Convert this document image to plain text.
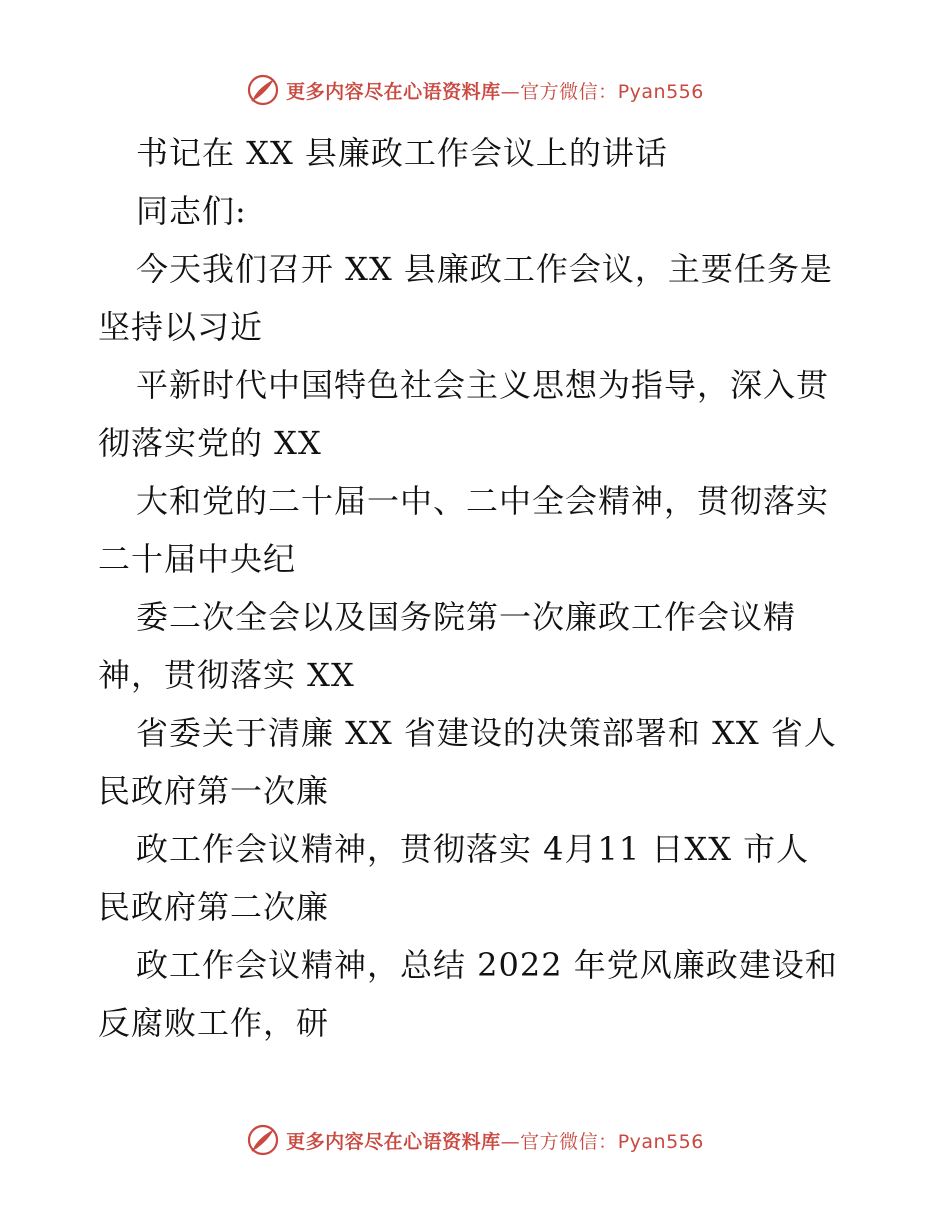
更多内容尽在心语资料库—官方微信：Pyan556
书记在 XX 县廉政工作会议上的讲话
同志们:
今天我们召开 XX 县廉政工作会议，主要任务是
坚持以习近
平新时代中国特色社会主义思想为指导，深入贯
彻落实党的 XX
大和党的二十届一中、二中全会精神，贯彻落实
二十届中央纪
委二次全会以及国务院第一次廉政工作会议精
神，贯彻落实 XX
省委关于清廉 XX 省建设的决策部署和 XX 省人
民政府第一次廉
政工作会议精神，贯彻落实 4月11 日XX 市人
民政府第二次廉
政工作会议精神，总结 2022 年党风廉政建设和
反腐败工作，研
更多内容尽在心语资料库—官方微信：Pyan556
